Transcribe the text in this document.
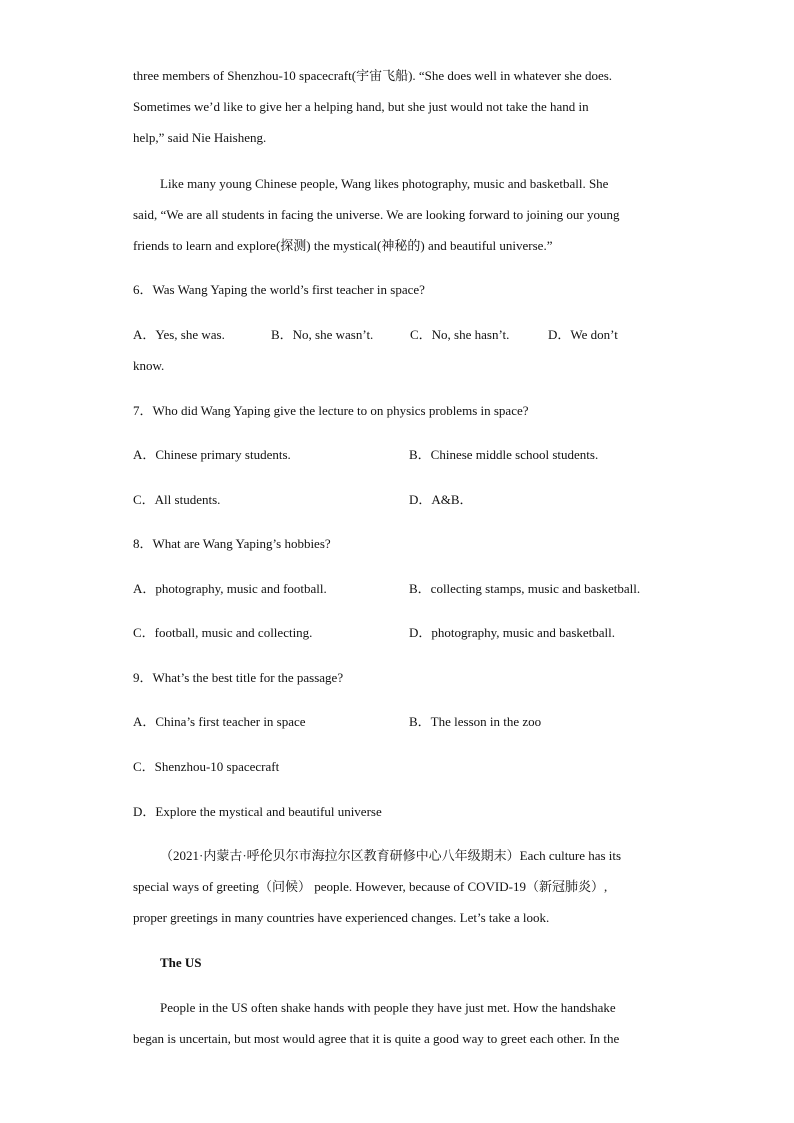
three members of Shenzhou-10 spacecraft(宇宙飞船). “She does well in whatever she does.
Sometimes we’d like to give her a helping hand, but she just would not take the hand in
help,” said Nie Haisheng.
Like many young Chinese people, Wang likes photography, music and basketball. She
said, “We are all students in facing the universe. We are looking forward to joining our young
friends to learn and explore(探测) the mystical(神秘的) and beautiful universe.”
6．Was Wang Yaping the world’s first teacher in space?
A．Yes, she was.	B．No, she wasn’t.	C．No, she hasn’t.	D．We don’t
know.
7．Who did Wang Yaping give the lecture to on physics problems in space?
A．Chinese primary students.	B．Chinese middle school students.
C．All students.	D．A&B．
8．What are Wang Yaping’s hobbies?
A．photography, music and football.	B．collecting stamps, music and basketball.
C．football, music and collecting.	D．photography, music and basketball.
9．What’s the best title for the passage?
A．China’s first teacher in space	B．The lesson in the zoo
C．Shenzhou-10 spacecraft
D．Explore the mystical and beautiful universe
（2021·内蒙古·呼伦贝尔市海拉尔区教育研修中心八年级期末）Each culture has its
special ways of greeting（问候） people. However, because of COVID-19（新冠肺炎）,
proper greetings in many countries have experienced changes. Let’s take a look.
The US
People in the US often shake hands with people they have just met. How the handshake
began is uncertain, but most would agree that it is quite a good way to greet each other. In the
